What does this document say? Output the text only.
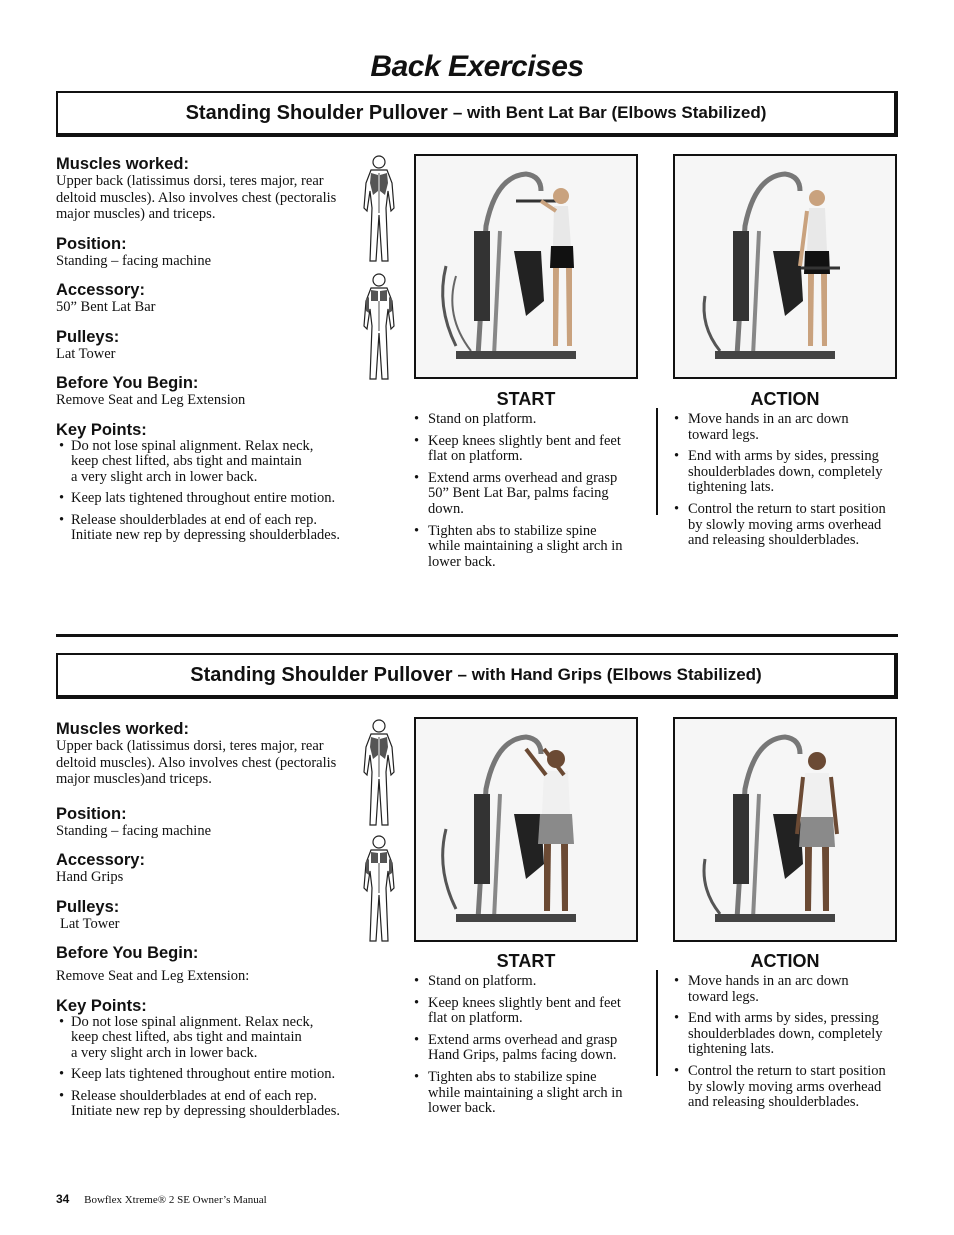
Back Exercises
Standing Shoulder Pullover – with Bent Lat Bar (Elbows Stabilized)
Muscles worked:
Upper back (latissimus dorsi, teres major, rear deltoid muscles). Also involves chest (pectoralis major muscles) and triceps.
Position:
Standing – facing machine
Accessory:
50” Bent Lat Bar
Pulleys:
Lat Tower
Before You Begin:
Remove Seat and Leg Extension
Key Points:
• Do not lose spinal alignment. Relax neck, keep chest lifted, abs tight and maintain
a very slight arch in lower back.
• Keep lats tightened throughout entire motion.
• Release shoulderblades at end of each rep. Initiate new rep by depressing shoulderblades.
START
• Stand on platform.
• Keep knees slightly bent and feet flat on platform.
• Extend arms overhead and grasp 50” Bent Lat Bar, palms facing down.
• Tighten abs to stabilize spine while maintaining a slight arch in lower back.
ACTION
• Move hands in an arc down toward legs.
• End with arms by sides, pressing shoulderblades down, completely tightening lats.
• Control the return to start position by slowly moving arms overhead and releasing shoulderblades.
Standing Shoulder Pullover – with Hand Grips (Elbows Stabilized)
Muscles worked:
Upper back (latissimus dorsi, teres major, rear deltoid muscles). Also involves chest (pectoralis major muscles)and triceps.
Position:
Standing – facing machine
Accessory:
Hand Grips
Pulleys:
Lat Tower
Before You Begin:
Remove Seat and Leg Extension:
Key Points:
• Do not lose spinal alignment. Relax neck, keep chest lifted, abs tight and maintain
a very slight arch in lower back.
• Keep lats tightened throughout entire motion.
• Release shoulderblades at end of each rep. Initiate new rep by depressing shoulderblades.
START
• Stand on platform.
• Keep knees slightly bent and feet flat on platform.
• Extend arms overhead and grasp Hand Grips, palms facing down.
• Tighten abs to stabilize spine while maintaining a slight arch in lower back.
ACTION
• Move hands in an arc down toward legs.
• End with arms by sides, pressing shoulderblades down, completely tightening lats.
• Control the return to start position by slowly moving arms overhead and releasing shoulderblades.
34 Bowflex Xtreme® 2 SE Owner’s Manual
